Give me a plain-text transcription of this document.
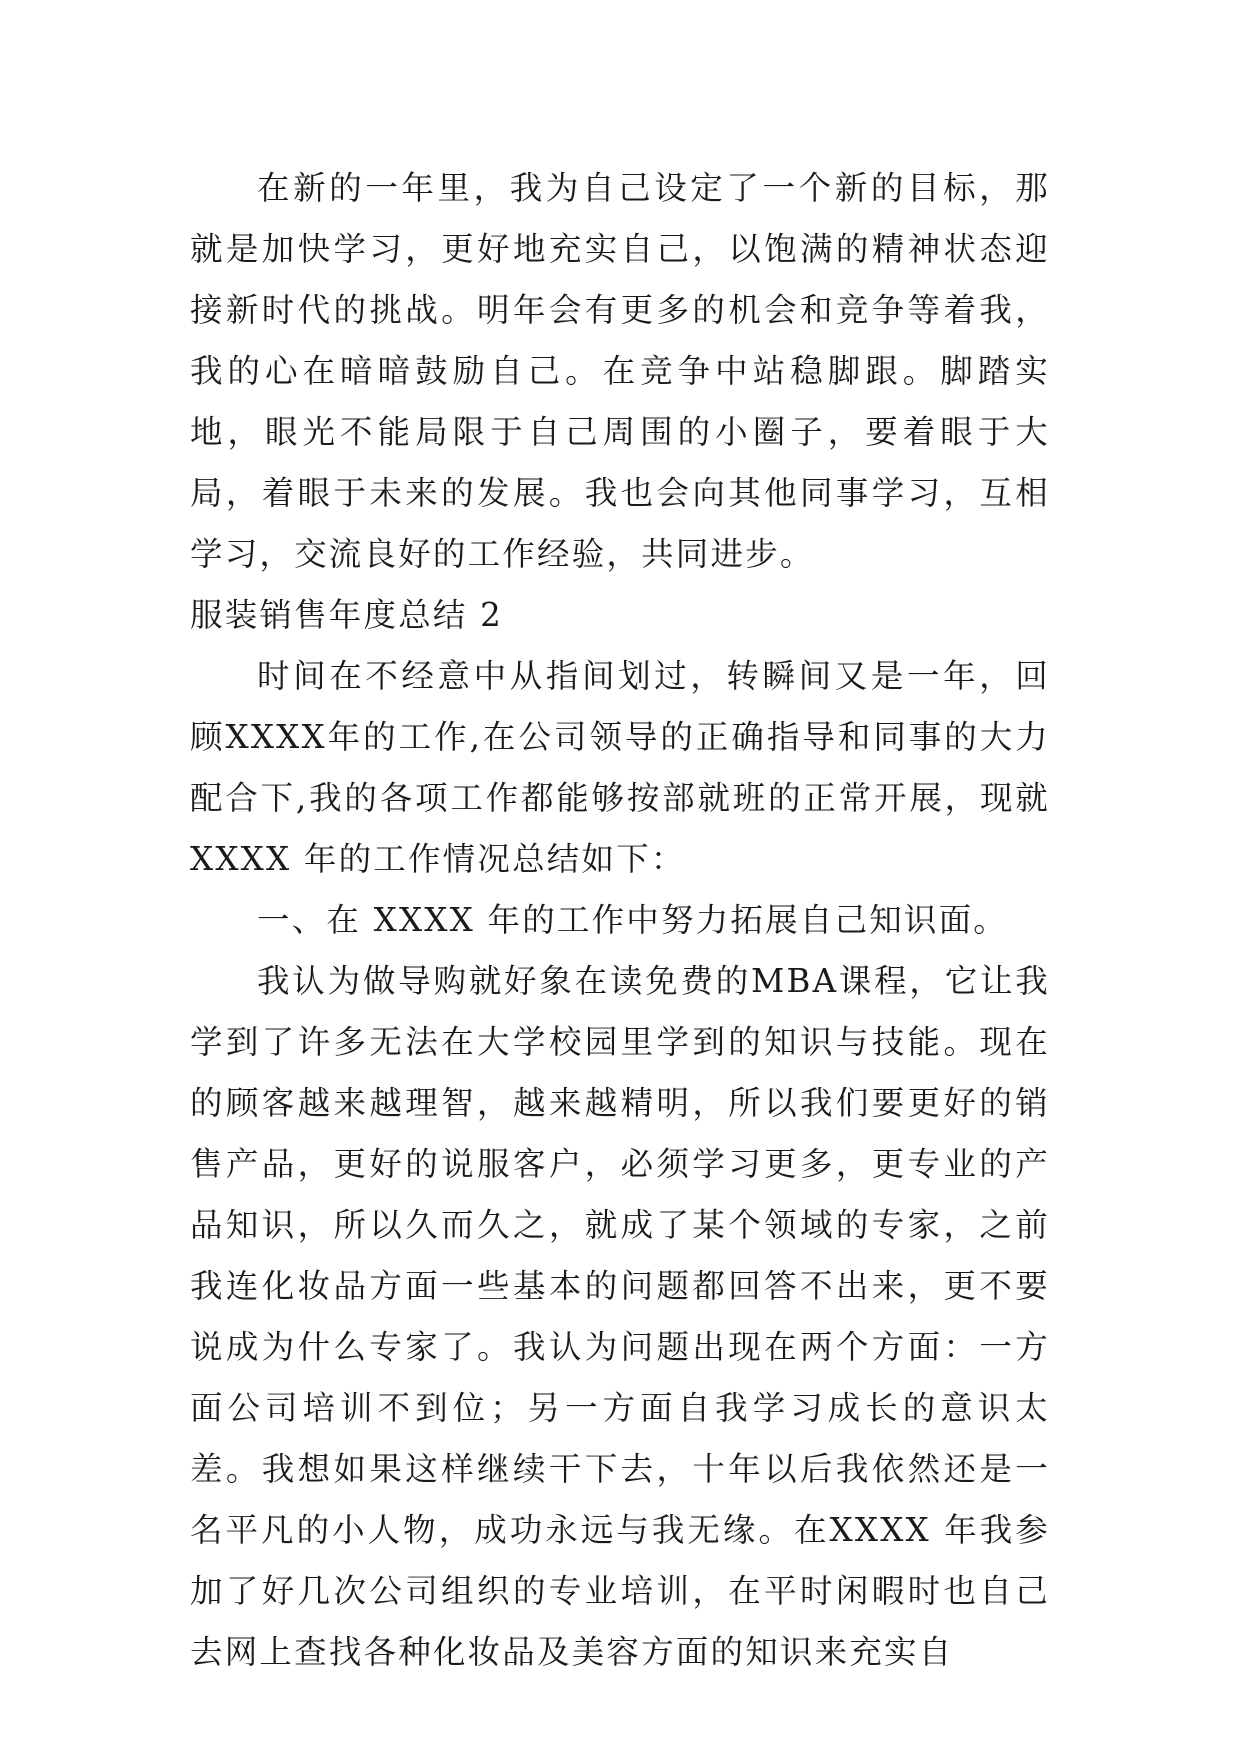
在新的一年里，我为自己设定了一个新的目标，那就是加快学习，更好地充实自己，以饱满的精神状态迎接新时代的挑战。明年会有更多的机会和竞争等着我，我的心在暗暗鼓励自己。在竞争中站稳脚跟。脚踏实地，眼光不能局限于自己周围的小圈子，要着眼于大局，着眼于未来的发展。我也会向其他同事学习，互相学习，交流良好的工作经验，共同进步。

服装销售年度总结 2

时间在不经意中从指间划过，转瞬间又是一年，回顾XXXX年的工作,在公司领导的正确指导和同事的大力配合下,我的各项工作都能够按部就班的正常开展，现就 XXXX 年的工作情况总结如下：

一、在 XXXX 年的工作中努力拓展自己知识面。

我认为做导购就好象在读免费的MBA课程，它让我学到了许多无法在大学校园里学到的知识与技能。现在的顾客越来越理智，越来越精明，所以我们要更好的销售产品，更好的说服客户，必须学习更多，更专业的产品知识，所以久而久之，就成了某个领域的专家，之前我连化妆品方面一些基本的问题都回答不出来，更不要说成为什么专家了。我认为问题出现在两个方面：一方面公司培训不到位；另一方面自我学习成长的意识太差。我想如果这样继续干下去，十年以后我依然还是一名平凡的小人物，成功永远与我无缘。在XXXX 年我参加了好几次公司组织的专业培训，在平时闲暇时也自己去网上查找各种化妆品及美容方面的知识来充实自
